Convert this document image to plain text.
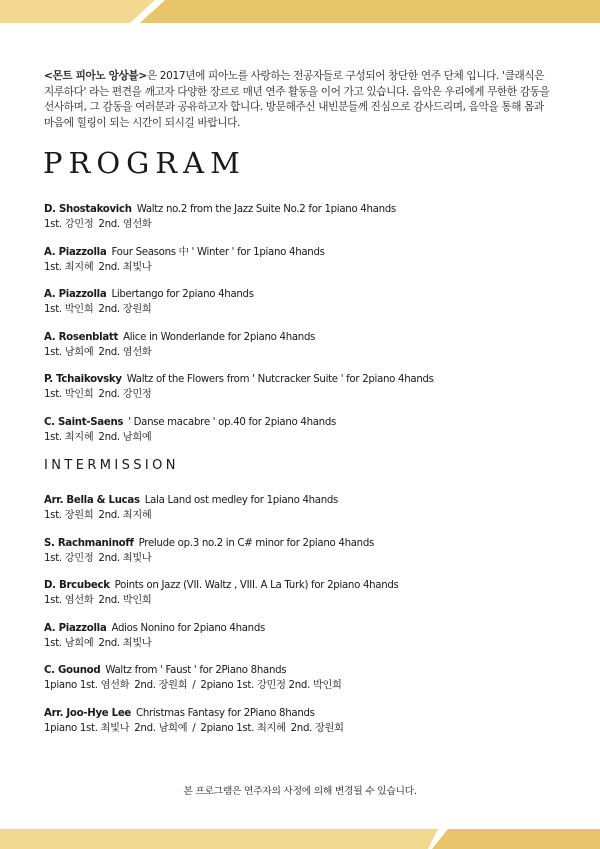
<몬트 피아노 앙상블>은 2017년에 피아노를 사랑하는 전공자들로 구성되어 창단한 연주 단체 입니다. '클래식은 지루하다' 라는 편견을 깨고자 다양한 장르로 매년 연주 활동을 이어 가고 있습니다. 음악은 우리에게 무한한 감동을 선사하며, 그 감동을 여러분과 공유하고자 합니다. 방문해주신 내빈분들께 진심으로 감사드리며, 음악을 통해 몸과 마음에 힐링이 되는 시간이 되시길 바랍니다.
PROGRAM
D. Shostakovich Waltz no.2 from the Jazz Suite No.2 for 1piano 4hands
1st. 강민정 2nd. 염선화
A. Piazzolla Four Seasons 中 ' Winter ' for 1piano 4hands
1st. 최지혜 2nd. 최빛나
A. Piazzolla Libertango for 2piano 4hands
1st. 박인희 2nd. 장원희
A. Rosenblatt Alice in Wonderlande for 2piano 4hands
1st. 남희예 2nd. 염선화
P. Tchaikovsky Waltz of the Flowers from ' Nutcracker Suite ' for 2piano 4hands
1st. 박인희 2nd. 강민정
C. Saint-Saens ' Danse macabre ' op.40 for 2piano 4hands
1st. 최지혜 2nd. 남희예
INTERMISSION
Arr. Bella & Lucas Lala Land ost medley for 1piano 4hands
1st. 장원희 2nd. 최지혜
S. Rachmaninoff Prelude op.3 no.2 in C# minor for 2piano 4hands
1st. 강민정 2nd. 최빛나
D. Brcubeck Points on Jazz (VII. Waltz , VIII. A La Turk) for 2piano 4hands
1st. 염선화 2nd. 박인희
A. Piazzolla Adios Nonino for 2piano 4hands
1st. 남희예 2nd. 최빛나
C. Gounod Waltz from ' Faust ' for 2Piano 8hands
1piano 1st. 염선화 2nd. 장원희 / 2piano 1st. 강민정 2nd. 박인희
Arr. Joo-Hye Lee Christmas Fantasy for 2Piano 8hands
1piano 1st. 최빛나 2nd. 남희예 / 2piano 1st. 최지혜 2nd. 장원희
본 프로그램은 연주자의 사정에 의해 변경될 수 있습니다.
